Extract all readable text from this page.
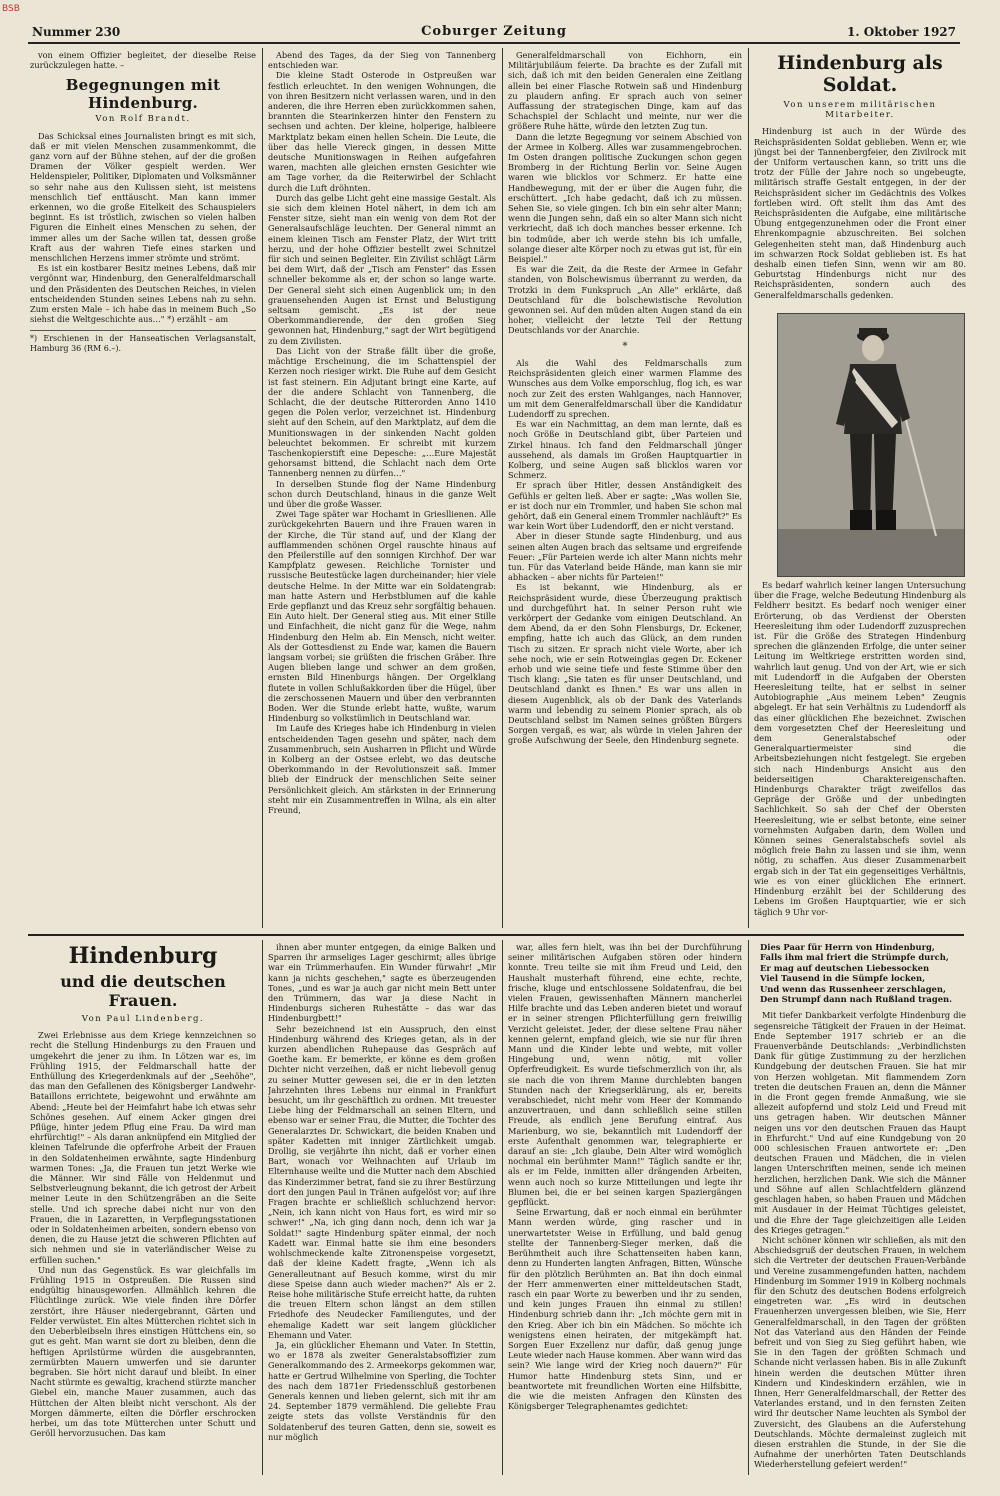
BSB
Nummer 230	Coburger Zeitung	1. Oktober 1927

von einem Offizier begleitet, der dieselbe Reise zurückzulegen hatte. –

Begegnungen mit Hindenburg.
Von Rolf Brandt.

Das Schicksal eines Journalisten bringt es mit sich, daß er mit vielen Menschen zusammenkommt, die ganz vorn auf der Bühne stehen, auf der die großen Dramen der Völker gespielt werden. Wer Heldenspieler, Politiker, Diplomaten und Volksmänner so sehr nahe aus den Kulissen sieht, ist meistens menschlich tief enttäuscht. Man kann immer erkennen, wo die große Eitelkeit des Schauspielers beginnt. Es ist tröstlich, zwischen so vielen halben Figuren die Einheit eines Menschen zu sehen, der immer alles um der Sache willen tat, dessen große Kraft aus der wahren Tiefe eines starken und menschlichen Herzens immer strömte und strömt.

Es ist ein kostbarer Besitz meines Lebens, daß mir vergönnt war, Hindenburg, den Generalfeldmarschall und den Präsidenten des Deutschen Reiches, in vielen entscheidenden Stunden seines Lebens nah zu sehn. Zum ersten Male – ich habe das in meinem Buch „So siehst die Weltgeschichte aus…" *) erzählt – am

*) Erschienen in der Hanseatischen Verlagsanstalt, Hamburg 36 (RM 6.–).

Abend des Tages, da der Sieg von Tannenberg entschieden war.

Die kleine Stadt Osterode in Ostpreußen war festlich erleuchtet. In den wenigen Wohnungen, die von ihren Besitzern nicht verlassen waren, und in den anderen, die ihre Herren eben zurückkommen sahen, brannten die Stearinkerzen hinter den Fenstern zu sechsen und achten. Der kleine, holperige, halbleere Marktplatz bekam einen hellen Schein. Die Leute, die über das helle Viereck gingen, in dessen Mitte deutsche Munitionswagen in Reihen aufgefahren waren, machten alle gleichen ernsten Gesichter wie am Tage vorher, da die Reiterwirbel der Schlacht durch die Luft dröhnten.

Durch das gelbe Licht geht eine massige Gestalt. Als sie sich dem kleinen Hotel nähert, in dem ich am Fenster sitze, sieht man ein wenig von dem Rot der Generalsaufschläge leuchten. Der General nimmt an einem kleinen Tisch am Fenster Platz, der Wirt tritt herzu, und der hohe Offizier bestellt zwei Schnitzel für sich und seinen Begleiter. Ein Zivilist schlägt Lärm bei dem Wirt, daß der „Tisch am Fenster" das Essen schneller bekomme als er, der schon so lange warte. Der General sieht sich einen Augenblick um; in den grauensehenden Augen ist Ernst und Belustigung seltsam gemischt. „Es ist der neue Oberkommandierende, der den großen Sieg gewonnen hat, Hindenburg," sagt der Wirt begütigend zu dem Zivilisten.

Das Licht von der Straße fällt über die große, mächtige Erscheinung, die im Schattenspiel der Kerzen noch riesiger wirkt. Die Ruhe auf dem Gesicht ist fast steinern. Ein Adjutant bringt eine Karte, auf der die andere Schlacht von Tannenberg, die Schlacht, die der deutsche Ritterorden Anno 1410 gegen die Polen verlor, verzeichnet ist. Hindenburg sieht auf den Schein, auf den Marktplatz, auf dem die Munitionswagen in der sinkenden Nacht golden beleuchtet bekommen. Er schreibt mit kurzem Taschenkopierstift eine Depesche: „…Eure Majestät gehorsamst bittend, die Schlacht nach dem Orte Tannenberg nennen zu dürfen…"

In derselben Stunde flog der Name Hindenburg schon durch Deutschland, hinaus in die ganze Welt und über die große Wasser.

Zwei Tage später war Hochamt in Griesllienen. Alle zurückgekehrten Bauern und ihre Frauen waren in der Kirche, die Tür stand auf, und der Klang der aufflammenden schönen Orgel rauschte hinaus auf den Pfeilerstille auf den sonnigen Kirchhof. Der war Kampfplatz gewesen. Reichliche Tornister und russische Beutestücke lagen durcheinander; hier viele deutsche Helme. In der Mitte war ein Soldatengrab: man hatte Astern und Herbstblumen auf die kahle Erde gepflanzt und das Kreuz sehr sorgfältig behauen. Ein Auto hielt. Der General stieg aus. Mit einer Stille und Einfachheit, die nicht ganz für die Wege, nahm Hindenburg den Helm ab. Ein Mensch, nicht weiter. Als der Gottesdienst zu Ende war, kamen die Bauern langsam vorbei; sie grüßten die frischen Gräber. Ihre Augen blieben lange und schwer an dem großen, ernsten Bild Hinenburgs hängen. Der Orgelklang flutete in vollen Schlußakkorden über die Hügel, über die zerschossenen Mauern und über den verbrannten Boden. Wer die Stunde erlebt hatte, wußte, warum Hindenburg so volkstümlich in Deutschland war.

Im Laufe des Krieges habe ich Hindenburg in vielen entscheidenden Tagen gesehn und später, nach dem Zusammenbruch, sein Ausharren in Pflicht und Würde in Kolberg an der Ostsee erlebt, wo das deutsche Oberkommando in der Revolutionszeit saß. Immer blieb der Eindruck der menschlichen Seite seiner Persönlichkeit gleich. Am stärksten in der Erinnerung steht mir ein Zusammentreffen in Wilna, als ein alter Freund,

Generalfeldmarschall von Eichhorn, ein Militärjubiläum feierte. Da brachte es der Zufall mit sich, daß ich mit den beiden Generalen eine Zeitlang allein bei einer Flasche Rotwein saß und Hindenburg zu plaudern anfing. Er sprach auch von seiner Auffassung der strategischen Dinge, kam auf das Schachspiel der Schlacht und meinte, nur wer die größere Ruhe hätte, würde den letzten Zug tun.

Dann die letzte Begegnung vor seinem Abschied von der Armee in Kolberg. Alles war zusammengebrochen. Im Osten drangen politische Zuckungen schon gegen Bromberg in der Richtung Berlin vor. Seine Augen waren wie blicklos vor Schmerz. Er hatte eine Handbewegung, mit der er über die Augen fuhr, die erschüttert. „Ich habe gedacht, daß ich zu müssen. Sehen Sie, so viele gingen. Ich bin ein sehr alter Mann; wenn die Jungen sehn, daß ein so alter Mann sich nicht verkriecht, daß ich doch manches besser erkenne. Ich bin todmüde, aber ich werde stehn bis ich umfalle, solange dieser alte Körper noch zu etwas gut ist, für ein Beispiel."

Es war die Zeit, da die Reste der Armee in Gefahr standen, von Bolschewismus überrannt zu werden, da Trotzki in dem Funkspruch „An Alle" erklärte, daß Deutschland für die bolschewistische Revolution gewonnen sei. Auf den müden alten Augen stand da ein hoher, vielleicht der letzte Teil der Rettung Deutschlands vor der Anarchie.

*

Als die Wahl des Feldmarschalls zum Reichspräsidenten gleich einer warmen Flamme des Wunsches aus dem Volke emporschlug, flog ich, es war noch zur Zeit des ersten Wahlganges, nach Hannover, um mit dem Generalfeldmarschall über die Kandidatur Ludendorff zu sprechen.

Es war ein Nachmittag, an dem man lernte, daß es noch Größe in Deutschland gibt, über Parteien und Zirkel hinaus. Ich fand den Feldmarschall jünger aussehend, als damals im Großen Hauptquartier in Kolberg, und seine Augen saß blicklos waren vor Schmerz.

Er sprach über Hitler, dessen Anständigkeit des Gefühls er gelten ließ. Aber er sagte: „Was wollen Sie, er ist doch nur ein Trommler, und haben Sie schon mal gehört, daß ein General einem Trommler nachläuft?" Es war kein Wort über Ludendorff, den er nicht verstand.

Aber in dieser Stunde sagte Hindenburg, und aus seinen alten Augen brach das seltsame und ergreifende Feuer: „Für Parteien werde ich alter Mann nichts mehr tun. Für das Vaterland beide Hände, man kann sie mir abhacken – aber nichts für Parteien!"

Es ist bekannt, wie Hindenburg, als er Reichspräsident wurde, diese Überzeugung praktisch und durchgeführt hat. In seiner Person ruht wie verkörpert der Gedanke vom einigen Deutschland. An dem Abend, da er den Sohn Flensburgs, Dr. Eckener, empfing, hatte ich auch das Glück, an dem runden Tisch zu sitzen. Er sprach nicht viele Worte, aber ich sehe noch, wie er sein Rotweinglas gegen Dr. Eckener erhob und wie seine tiefe und feste Stimme über den Tisch klang: „Sie taten es für unser Deutschland, und Deutschland dankt es Ihnen." Es war uns allen in diesem Augenblick, als ob der Dank des Vaterlands warm und lebendig zu seinem Pionier sprach, als ob Deutschland selbst im Namen seines größten Bürgers Sorgen vergaß, es war, als würde in vielen Jahren der große Aufschwung der Seele, den Hindenburg segnete.

Hindenburg als Soldat.
Von unserem militärischen Mitarbeiter.

Hindenburg ist auch in der Würde des Reichspräsidenten Soldat geblieben. Wenn er, wie jüngst bei der Tannenbergfeier, den Zivilrock mit der Uniform vertauschen kann, so tritt uns die trotz der Fülle der Jahre noch so ungebeugte, militärisch straffe Gestalt entgegen, in der der Reichspräsident sicher im Gedächtnis des Volkes fortleben wird. Oft stellt ihm das Amt des Reichspräsidenten die Aufgabe, eine militärische Übung entgegenzunehmen oder die Front einer Ehrenkompagnie abzuschreiten. Bei solchen Gelegenheiten steht man, daß Hindenburg auch im schwarzen Rock Soldat geblieben ist. Es hat deshalb einen tiefen Sinn, wenn wir am 80. Geburtstag Hindenburgs nicht nur des Reichspräsidenten, sondern auch des Generalfeldmarschalls gedenken.

Es bedarf wahrlich keiner langen Untersuchung über die Frage, welche Bedeutung Hindenburg als Feldherr besitzt. Es bedarf noch weniger einer Erörterung, ob das Verdienst der Obersten Heeresleitung ihm oder Ludendorff zuzusprechen ist. Für die Größe des Strategen Hindenburg sprechen die glänzenden Erfolge, die unter seiner Leitung im Weltkriege erstritten worden sind, wahrlich laut genug. Und von der Art, wie er sich mit Ludendorff in die Aufgaben der Obersten Heeresleitung teilte, hat er selbst in seiner Autobiographie „Aus meinem Leben" Zeugnis abgelegt. Er hat sein Verhältnis zu Ludendorff als das einer glücklichen Ehe bezeichnet. Zwischen dem vorgesetzten Chef der Heeresleitung und dem Generalstabschef oder Generalquartiermeister sind die Arbeitsbeziehungen nicht festgelegt. Sie ergeben sich nach Hindenburgs Ansicht aus den beiderseitigen Charaktereigenschaften. Hindenburgs Charakter trägt zweifellos das Gepräge der Größe und der unbedingten Sachlichkeit. So sah der Chef der Obersten Heeresleitung, wie er selbst betonte, eine seiner vornehmsten Aufgaben darin, dem Wollen und Können seines Generalstabschefs soviel als möglich freie Bahn zu lassen und sie ihm, wenn nötig, zu schaffen. Aus dieser Zusammenarbeit ergab sich in der Tat ein gegenseitiges Verhältnis, wie es von einer glücklichen Ehe erinnert. Hindenburg erzählt bei der Schilderung des Lebens im Großen Hauptquartier, wie er sich täglich 9 Uhr vor-

Hindenburg
und die deutschen Frauen.
Von Paul Lindenberg.

Zwei Erlebnisse aus dem Kriege kennzeichnen so recht die Stellung Hindenburgs zu den Frauen und umgekehrt die jener zu ihm. In Lötzen war es, im Frühling 1915, der Feldmarschall hatte der Enthüllung des Kriegerdenkmals auf der „Seehöhe", das man den Gefallenen des Königsberger Landwehr-Bataillons errichtete, beigewohnt und erwähnte am Abend: „Heute bei der Heimfahrt habe ich etwas sehr Schönes gesehen. Auf einem Acker gingen drei Pflüge, hinter jedem Pflug eine Frau. Da wird man ehrfürchtig!" – Als daran anknüpfend ein Mitglied der kleinen Tafelrunde die opferfrohe Arbeit der Frauen in den Soldatenheimen erwähnte, sagte Hindenburg warmen Tones: „Ja, die Frauen tun jetzt Werke wie die Männer. Wir sind Fälle von Heldenmut und Selbstverleugnung bekannt, die ich getrost der Arbeit meiner Leute in den Schützengräben an die Seite stelle. Und ich spreche dabei nicht nur von den Frauen, die in Lazaretten, in Verpflegungsstationen oder in Soldatenheimen arbeiten, sondern ebenso von denen, die zu Hause jetzt die schweren Pflichten auf sich nehmen und sie in vaterländischer Weise zu erfüllen suchen."

Und nun das Gegenstück. Es war gleichfalls im Frühling 1915 in Ostpreußen. Die Russen sind endgültig hinausgeworfen. Allmählich kehren die Flüchtlinge zurück. Wie viele finden ihre Dörfer zerstört, ihre Häuser niedergebrannt, Gärten und Felder verwüstet. Ein altes Mütterchen richtet sich in den Ueberbleibseln ihres einstigen Hüttchens ein, so gut es geht. Man warnt sie dort zu bleiben, denn die heftigen Aprilstürme würden die ausgebrannten, zermürbten Mauern umwerfen und sie darunter begraben. Sie hört nicht darauf und bleibt. In einer Nacht stürmte es gewaltig, krachend stürzte mancher Giebel ein, manche Mauer zusammen, auch das Hüttchen der Alten bleibt nicht verschont. Als der Morgen dämmerte, eilten die Dörfler erschrocken herbei, um das tote Mütterchen unter Schutt und Geröll hervorzusuchen. Das kam

ihnen aber munter entgegen, da einige Balken und Sparren ihr armseliges Lager geschirmt; alles übrige war ein Trümmerhaufen. Ein Wunder fürwahr! „Mir kann ja nichts geschehen," sagte es überzeugenden Tones, „und es war ja auch gar nicht mein Bett unter den Trümmern, das war ja diese Nacht in Hindenburgs sicheren Ruhestätte – das war das Hindenburgbett!"

Sehr bezeichnend ist ein Ausspruch, den einst Hindenburg während des Krieges getan, als in der kurzen abendlichen Ruhepause das Gespräch auf Goethe kam. Er bemerkte, er könne es dem großen Dichter nicht verzeihen, daß er nicht liebevoll genug zu seiner Mutter gewesen sei, die er in den letzten Jahrzehnten ihres Lebens nur einmal in Frankfurt besucht, um ihr geschäftlich zu ordnen. Mit treuester Liebe hing der Feldmarschall an seinen Eltern, und ebenso war er seiner Frau, die Mutter, die Tochter des Generalarztes Dr. Schwickart, die beiden Knaben und später Kadetten mit inniger Zärtlichkeit umgab. Drollig, sie verjährte ihn nicht, daß er vorher einen Bart, wonach vor Weihnachten auf Urlaub im Elternhause weilte und die Mutter nach dem Abschied das Kinderzimmer betrat, fand sie zu ihrer Bestürzung dort den jungen Paul in Tränen aufgelöst vor; auf ihre Fragen brachte er schließlich schluchzend hervor: „Nein, ich kann nicht von Haus fort, es wird mir so schwer!" „Na, ich ging dann noch, denn ich war ja Soldat!" sagte Hindenburg später einmal, der noch Kadett war. Einmal hatte sie ihm eine besonders wohlschmeckende kalte Zitronenspeise vorgesetzt, daß der kleine Kadett fragte, „Wenn ich als Generalleutnant auf Besuch komme, wirst du mir diese Speise dann auch wieder machen?" Als er 2. Reise hohe militärische Stufe erreicht hatte, da ruhten die treuen Eltern schon längst an dem stillen Friedhofe des Neudecker Familiengutes, und der ehemalige Kadett war seit langem glücklicher Ehemann und Vater.

Ja, ein glücklicher Ehemann und Vater. In Stettin, wo er 1878 als zweiter Generalstabsoffizier zum Generalkommando des 2. Armeekorps gekommen war, hatte er Gertrud Wilhelmine von Sperling, die Tochter des nach dem 1871er Friedensschluß gestorbenen Generals kennen und lieben gelernt, sich mit ihr am 24. September 1879 vermählend. Die geliebte Frau zeigte stets das vollste Verständnis für den Soldatenberuf des teuren Gatten, denn sie, soweit es nur möglich

war, alles fern hielt, was ihn bei der Durchführung seiner militärischen Aufgaben stören oder hindern konnte. Treu teilte sie mit ihm Freud und Leid, den Haushalt musterhaft führend, eine echte, rechte, frische, kluge und entschlossene Soldatenfrau, die bei vielen Frauen, gewissenhaften Männern mancherlei Hilfe brachte und das Leben anderen bietet und worauf er in seiner strengen Pflichterfüllung gern freiwillig Verzicht geleistet. Jeder, der diese seltene Frau näher kennen gelernt, empfand gleich, wie sie nur für ihren Mann und die Kinder lebte und webte, mit voller Hingebung und, wenn nötig, mit voller Opferfreudigkeit. Es wurde tiefschmerzlich von ihr, als sie nach die von ihrem Manne durchlebten bangen Stunden nach der Kriegserklärung, als er, bereits verabschiedet, nicht mehr vom Heer der Kommando anzuvertrauen, und dann schließlich seine stillen Freude, als endlich jene Berufung eintraf. Aus Marienburg, wo sie, bekanntlich mit Ludendorff der erste Aufenthalt genommen war, telegraphierte er darauf an sie: „Ich glaube, Dein Alter wird womöglich nochmal ein berühmter Mann!" Täglich sandte er ihr, als er im Felde, inmitten aller drängenden Arbeiten, wenn auch noch so kurze Mitteilungen und legte ihr Blumen bei, die er bei seinen kargen Spaziergängen gepflückt.

Seine Erwartung, daß er noch einmal ein berühmter Mann werden würde, ging rascher und in unerwartetster Weise in Erfüllung, und bald genug stellte der Tannenberg-Sieger merken, daß die Berühmtheit auch ihre Schattenseiten haben kann, denn zu Hunderten langten Anfragen, Bitten, Wünsche für den plötzlich Berühmten an. Bat ihn doch einmal der Herr ammenwerten einer mitteldeutschen Stadt, rasch ein paar Worte zu bewerben und ihr zu senden, und kein junges Frauen ihn einmal zu stillen! Hindenburg schrieb dann ihr: „Ich möchte gern mit in den Krieg. Aber ich bin ein Mädchen. So möchte ich wenigstens einen heiraten, der mitgekämpft hat. Sorgen Euer Exzellenz nur dafür, daß genug junge Leute wieder nach Hause kommen. Aber wann wird das sein? Wie lange wird der Krieg noch dauern?" Für Humor hatte Hindenburg stets Sinn, und er beantwortete mit freundlichen Worten eine Hilfsbitte, die wie die meisten Anfragen den Künsten des Königsberger Telegraphenamtes gedichtet:

Dies Paar für Herrn von Hindenburg,
Falls ihm mal friert die Strümpfe durch,
Er mag auf deutschen Liebessocken
Viel Tausend in die Sümpfe locken,
Und wenn das Russenheer zerschlagen,
Den Strumpf dann nach Rußland tragen.

Mit tiefer Dankbarkeit verfolgte Hindenburg die segensreiche Tätigkeit der Frauen in der Heimat. Ende September 1917 schrieb er an die Frauenverbände Deutschlands: „Verbindlichsten Dank für gütige Zustimmung zu der herzlichen Kundgebung der deutschen Frauen. Sie hat mir von Herzen wohlgetan. Mit flammendem Zorn treten die deutschen Frauen an, denn die Männer in die Front gegen fremde Anmaßung, wie sie allezeit aufopfernd und stolz Leid und Freud mit uns getragen haben. Wir deutschen Männer neigen uns vor den deutschen Frauen das Haupt in Ehrfurcht." Und auf eine Kundgebung von 20 000 schlesischen Frauen antwortete er: „Den deutschen Frauen und Mädchen, die in vielen langen Unterschriften meinen, sende ich meinen herzlichen, herzlichen Dank. Wie sich die Männer und Söhne auf allen Schlachtfeldern glänzend geschlagen haben, so haben Frauen und Mädchen mit Ausdauer in der Heimat Tüchtiges geleistet, und die Ehre der Tage gleichzeitigen alle Leiden des Krieges getragen."

Nicht schöner können wir schließen, als mit den Abschiedsgruß der deutschen Frauen, in welchem sich die Vertreter der deutschen Frauen-Verbände und Vereine zusammengefunden hatten, nachdem Hindenburg im Sommer 1919 in Kolberg nochmals für den Schutz des deutschen Bodens erfolgreich eingetreten war. „Es wird in deutschen Frauenherzen unvergessen bleiben, wie Sie, Herr Generalfeldmarschall, in den Tagen der größten Not das Vaterland aus den Händen der Feinde befreit und von Sieg zu Sieg geführt haben, wie Sie in den Tagen der größten Schmach und Schande nicht verlassen haben. Bis in alle Zukunft hinein werden die deutschen Mütter ihren Kindern und Kindeskindern erzählen, wie in Ihnen, Herr Generalfeldmarschall, der Retter des Vaterlandes erstand, und in den fernsten Zeiten wird Ihr deutscher Name leuchten als Symbol der Zuversicht, des Glaubens an die Auferstehung Deutschlands. Möchte dermaleinst zugleich mit diesen erstrahlen die Stunde, in der Sie die Aufnahme der unerhörten Taten Deutschlands Wiederherstellung gefeiert werden!"
